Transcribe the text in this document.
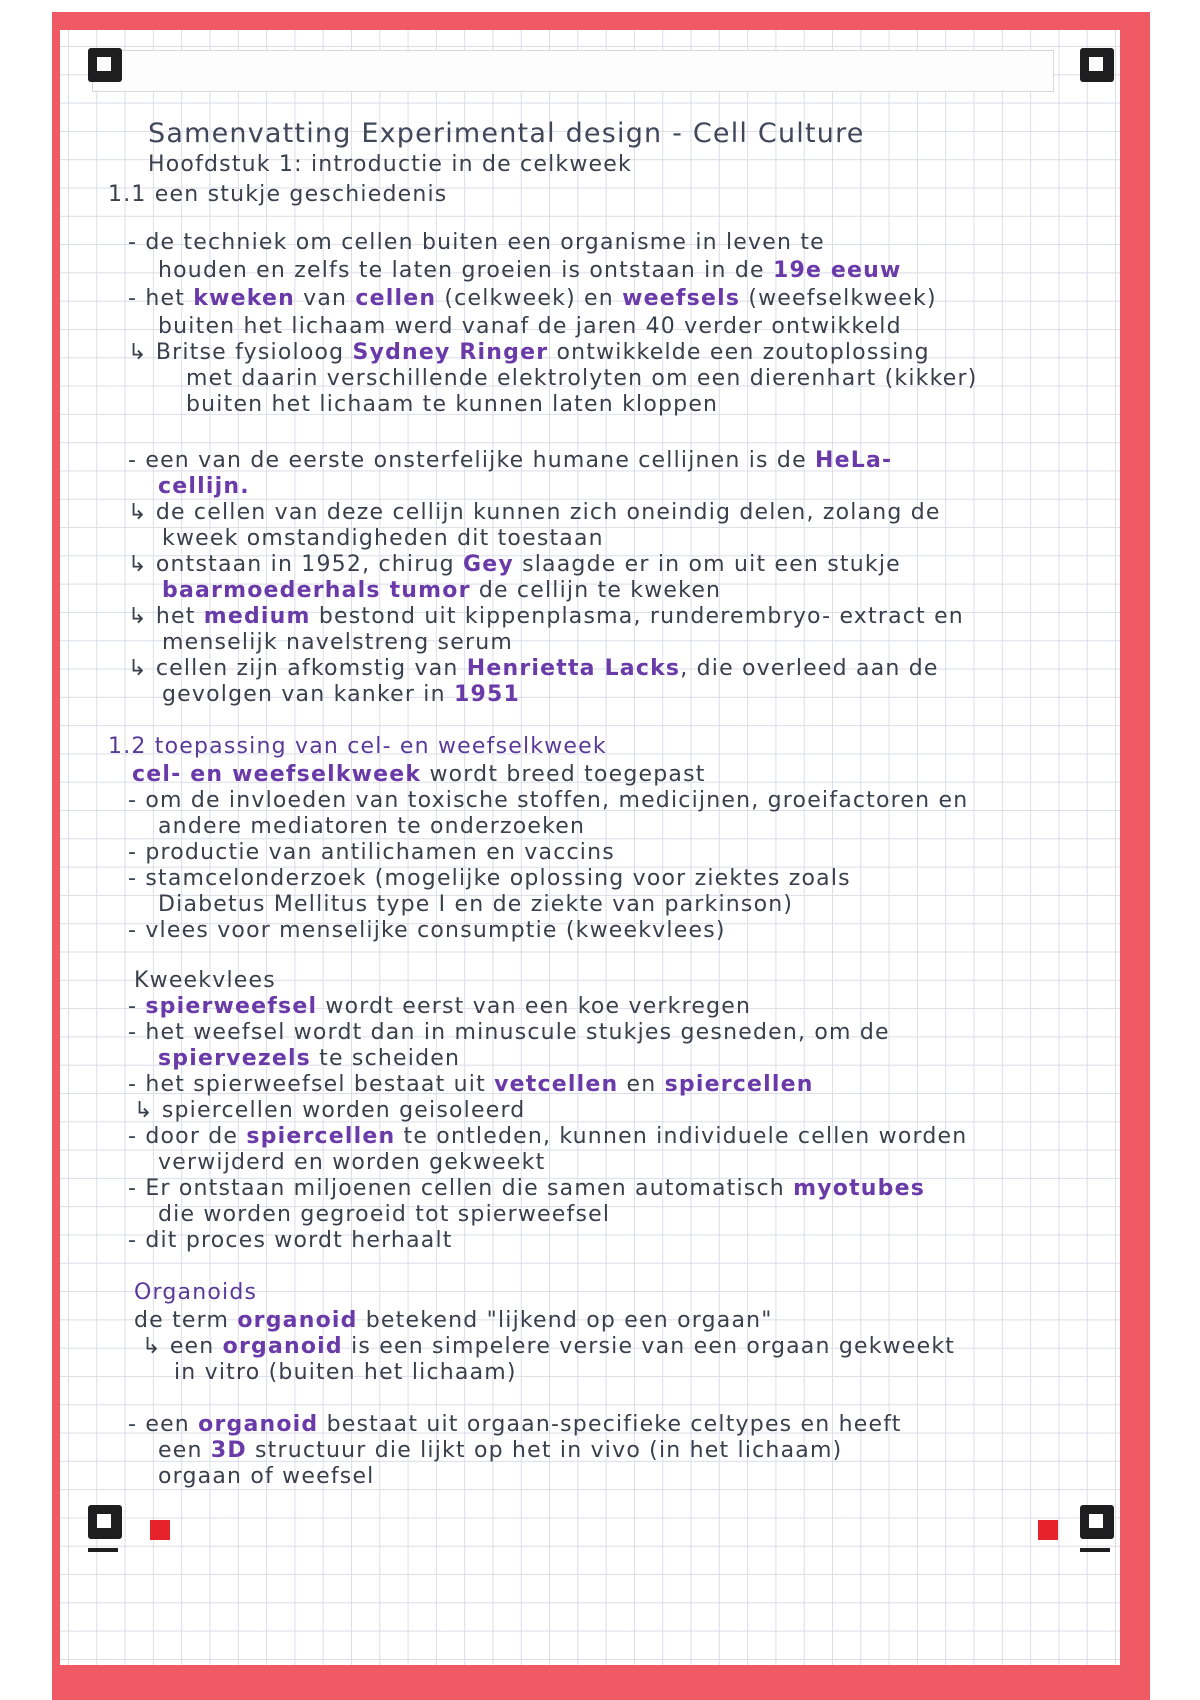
Samenvatting Experimental design - Cell Culture
Hoofdstuk 1: introductie in de celkweek
1.1 een stukje geschiedenis
- de techniek om cellen buiten een organisme in leven te
houden en zelfs te laten groeien is ontstaan in de 19e eeuw
- het kweken van cellen (celkweek) en weefsels (weefselkweek)
buiten het lichaam werd vanaf de jaren 40 verder ontwikkeld
↳ Britse fysioloog Sydney Ringer ontwikkelde een zoutoplossing
met daarin verschillende elektrolyten om een dierenhart (kikker)
buiten het lichaam te kunnen laten kloppen
- een van de eerste onsterfelijke humane cellijnen is de HeLa-
cellijn.
↳ de cellen van deze cellijn kunnen zich oneindig delen, zolang de
kweek omstandigheden dit toestaan
↳ ontstaan in 1952, chirug Gey slaagde er in om uit een stukje
baarmoederhals tumor de cellijn te kweken
↳ het medium bestond uit kippenplasma, runderembryo- extract en
menselijk navelstreng serum
↳ cellen zijn afkomstig van Henrietta Lacks, die overleed aan de
gevolgen van kanker in 1951
1.2 toepassing van cel- en weefselkweek
cel- en weefselkweek wordt breed toegepast
- om de invloeden van toxische stoffen, medicijnen, groeifactoren en
andere mediatoren te onderzoeken
- productie van antilichamen en vaccins
- stamcelonderzoek (mogelijke oplossing voor ziektes zoals
Diabetus Mellitus type I en de ziekte van parkinson)
- vlees voor menselijke consumptie (kweekvlees)
Kweekvlees
- spierweefsel wordt eerst van een koe verkregen
- het weefsel wordt dan in minuscule stukjes gesneden, om de
spiervezels te scheiden
- het spierweefsel bestaat uit vetcellen en spiercellen
↳ spiercellen worden geisoleerd
- door de spiercellen te ontleden, kunnen individuele cellen worden
verwijderd en worden gekweekt
- Er ontstaan miljoenen cellen die samen automatisch myotubes
die worden gegroeid tot spierweefsel
- dit proces wordt herhaalt
Organoids
de term organoid betekend "lijkend op een orgaan"
↳ een organoid is een simpelere versie van een orgaan gekweekt
in vitro (buiten het lichaam)
- een organoid bestaat uit orgaan-specifieke celtypes en heeft
een 3D structuur die lijkt op het in vivo (in het lichaam)
orgaan of weefsel
